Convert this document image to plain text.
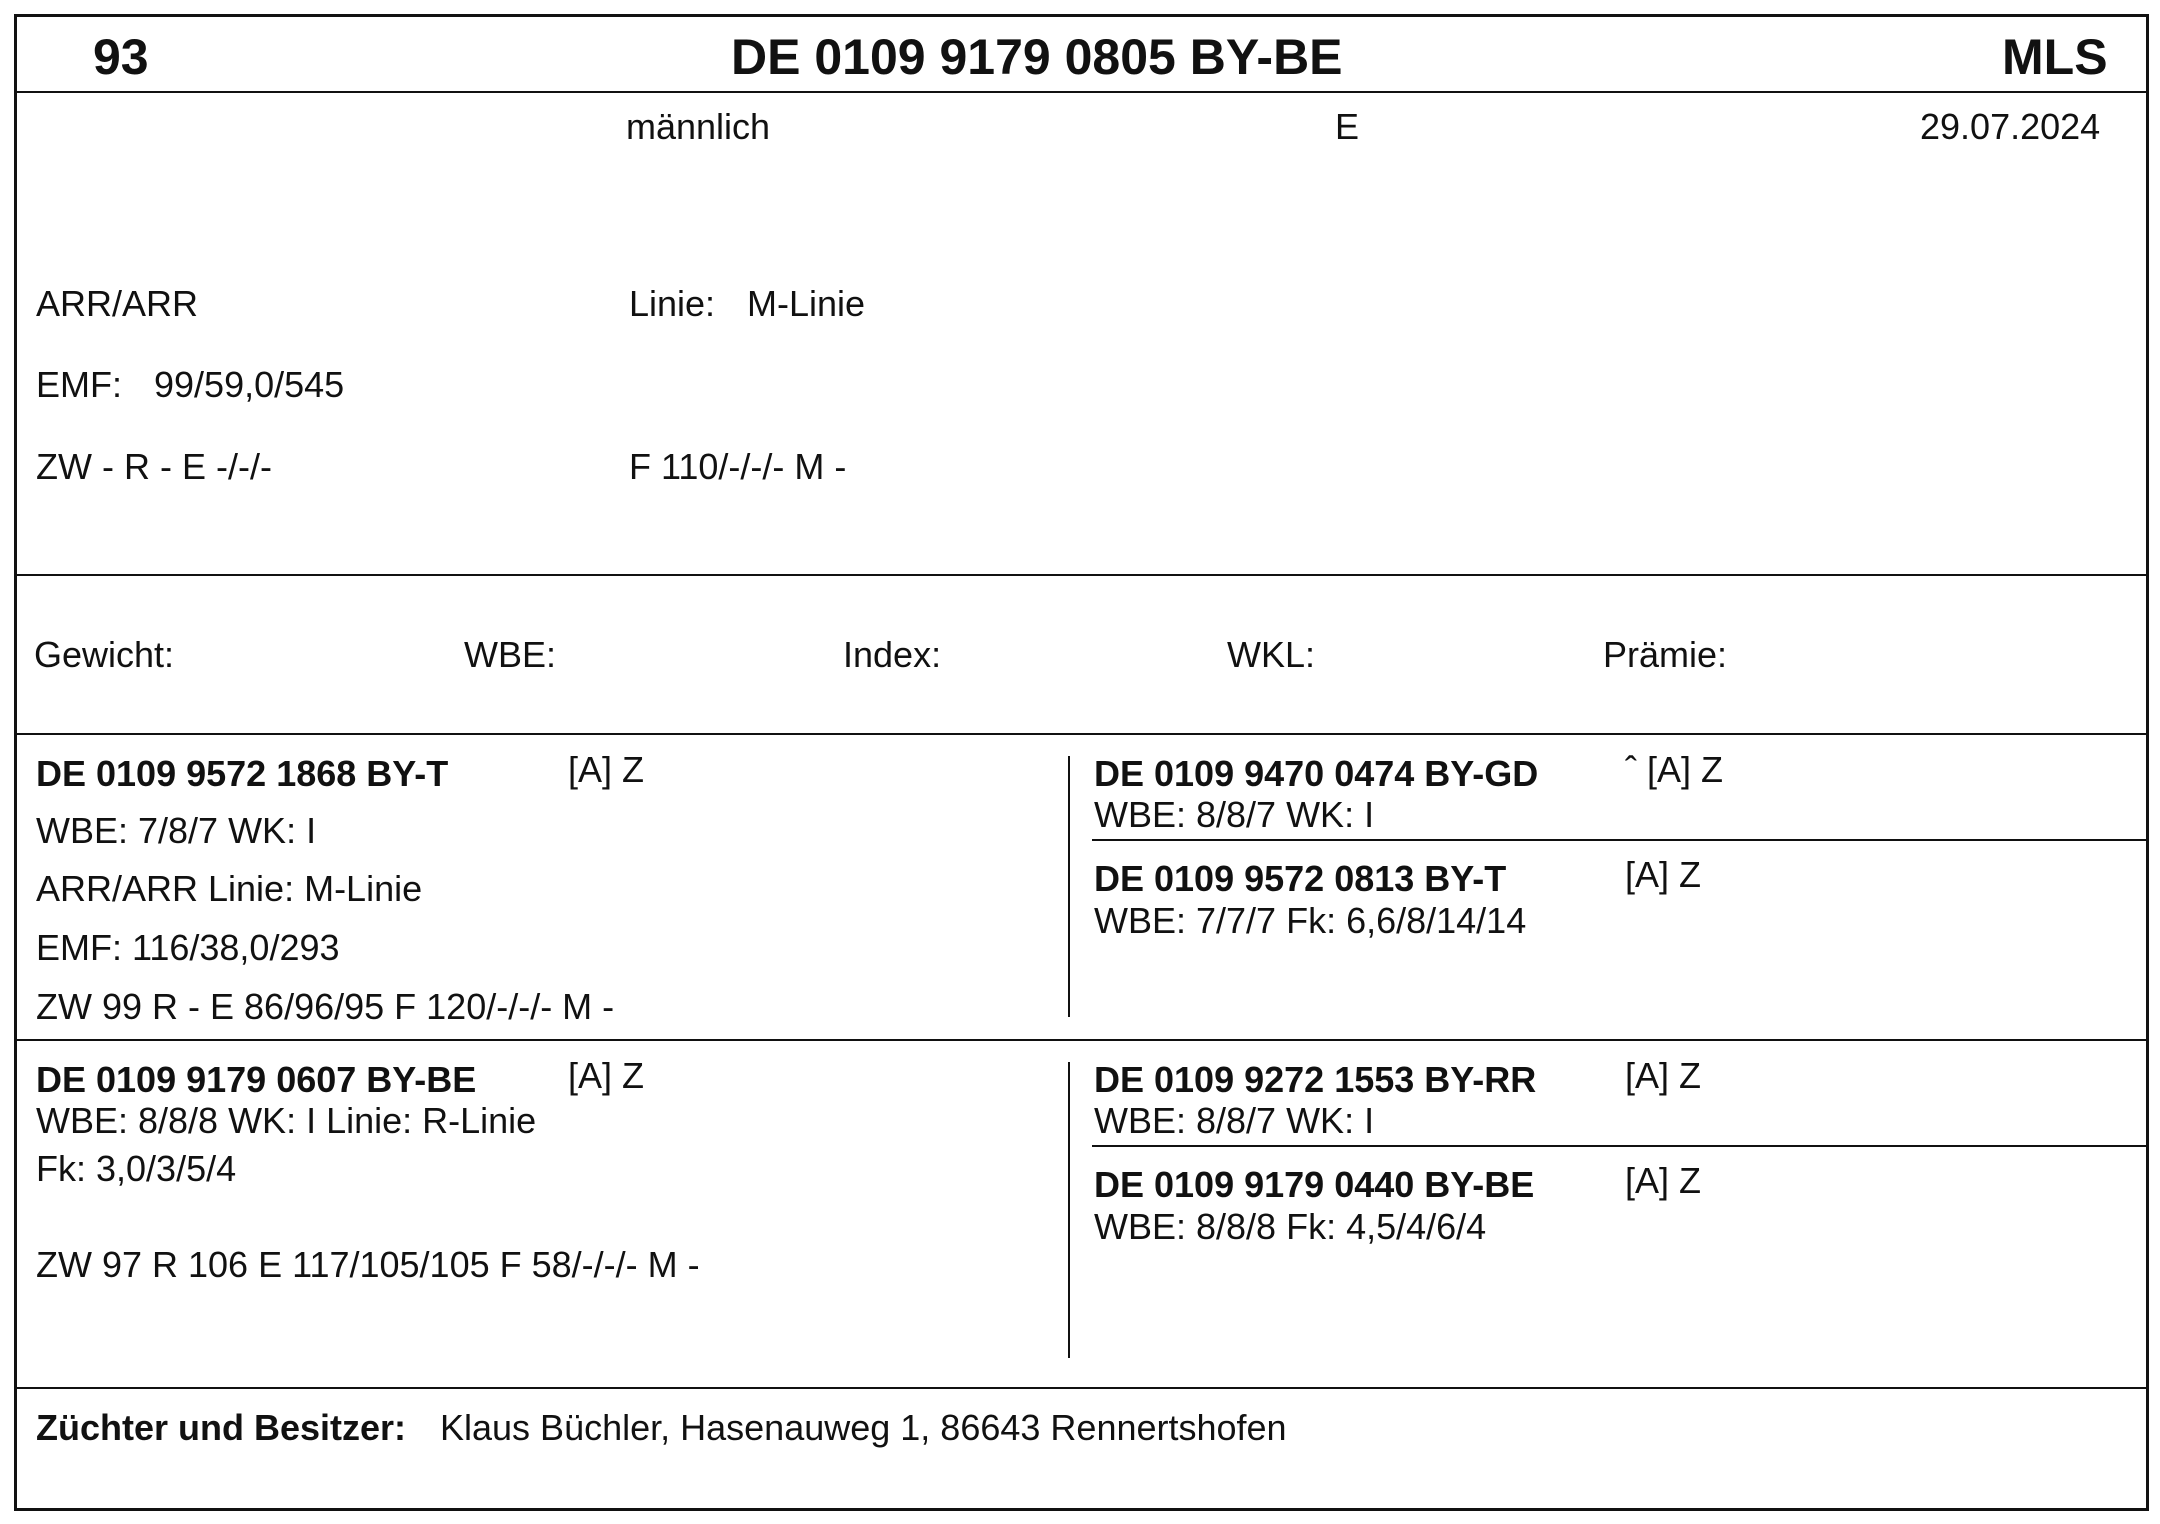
93	DE 0109 9179 0805 BY-BE	MLS
männlich	E	29.07.2024
ARR/ARR	Linie: M-Linie
EMF: 99/59,0/545
ZW - R - E -/-/-	F 110/-/-/- M -
Gewicht:	WBE:	Index:	WKL:	Prämie:
DE 0109 9572 1868 BY-T	[A] Z
WBE: 7/8/7 WK: I
ARR/ARR Linie: M-Linie
EMF: 116/38,0/293
ZW 99 R - E 86/96/95 F 120/-/-/- M -
DE 0109 9470 0474 BY-GD ˆ [A] Z
WBE: 8/8/7 WK: I
DE 0109 9572 0813 BY-T	[A] Z
WBE: 7/7/7 Fk: 6,6/8/14/14
DE 0109 9179 0607 BY-BE	[A] Z
WBE: 8/8/8 WK: I Linie: R-Linie
Fk: 3,0/3/5/4
ZW 97 R 106 E 117/105/105 F 58/-/-/- M -
DE 0109 9272 1553 BY-RR [A] Z
WBE: 8/8/7 WK: I
DE 0109 9179 0440 BY-BE	[A] Z
WBE: 8/8/8 Fk: 4,5/4/6/4
Züchter und Besitzer: Klaus Büchler, Hasenauweg 1, 86643 Rennertshofen
